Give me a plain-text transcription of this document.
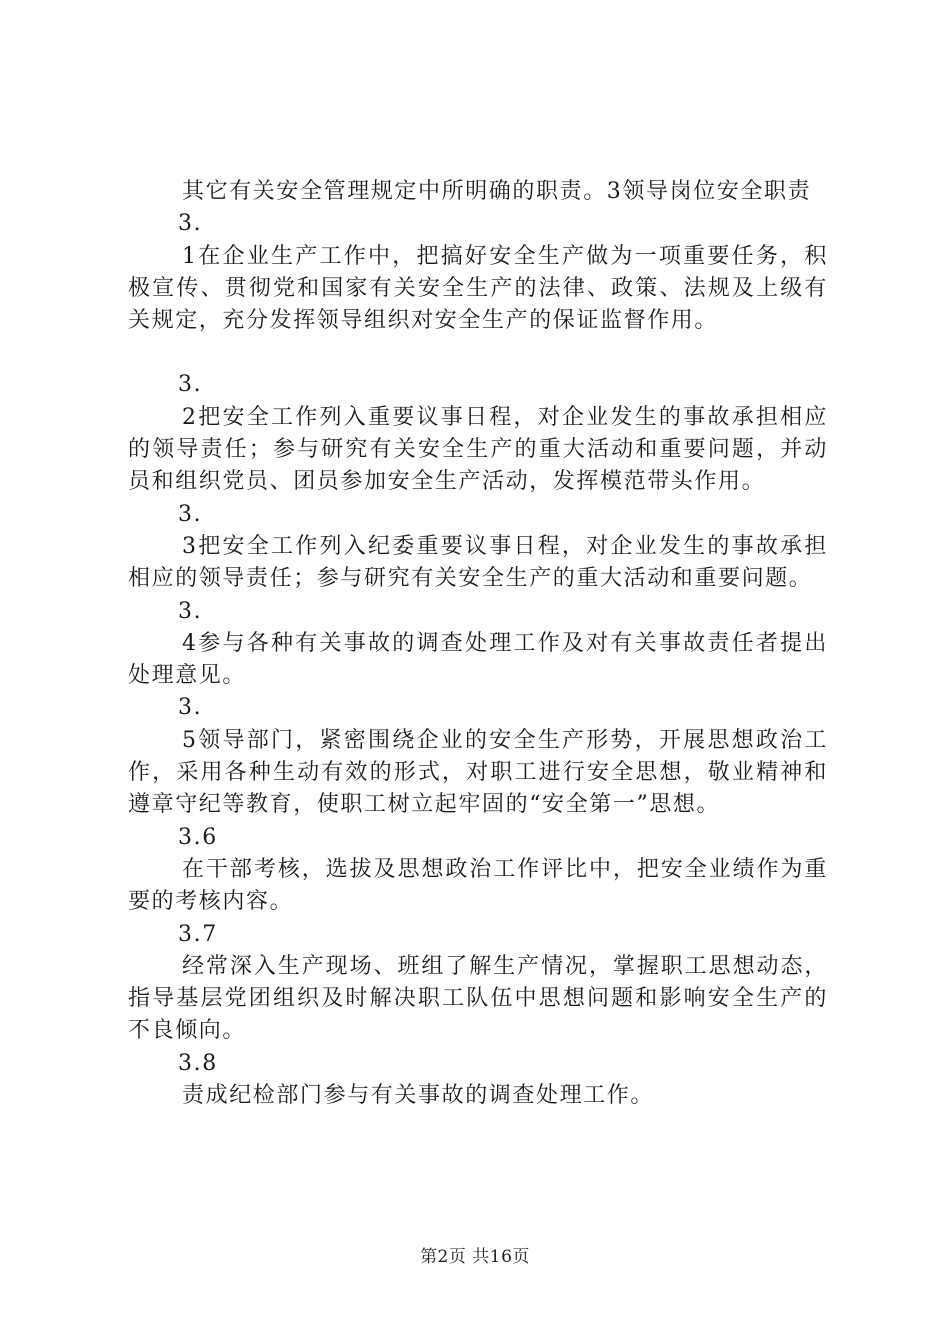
其它有关安全管理规定中所明确的职责。3领导岗位安全职责

3.

1在企业生产工作中，把搞好安全生产做为一项重要任务，积极宣传、贯彻党和国家有关安全生产的法律、政策、法规及上级有关规定，充分发挥领导组织对安全生产的保证监督作用。

3.

2把安全工作列入重要议事日程，对企业发生的事故承担相应的领导责任；参与研究有关安全生产的重大活动和重要问题，并动员和组织党员、团员参加安全生产活动，发挥模范带头作用。

3.

3把安全工作列入纪委重要议事日程，对企业发生的事故承担相应的领导责任；参与研究有关安全生产的重大活动和重要问题。

3.

4参与各种有关事故的调查处理工作及对有关事故责任者提出处理意见。

3.

5领导部门，紧密围绕企业的安全生产形势，开展思想政治工作，采用各种生动有效的形式，对职工进行安全思想，敬业精神和遵章守纪等教育，使职工树立起牢固的“安全第一”思想。

3.6

在干部考核，选拔及思想政治工作评比中，把安全业绩作为重要的考核内容。

3.7

经常深入生产现场、班组了解生产情况，掌握职工思想动态，指导基层党团组织及时解决职工队伍中思想问题和影响安全生产的不良倾向。

3.8

责成纪检部门参与有关事故的调查处理工作。

第2页 共16页
